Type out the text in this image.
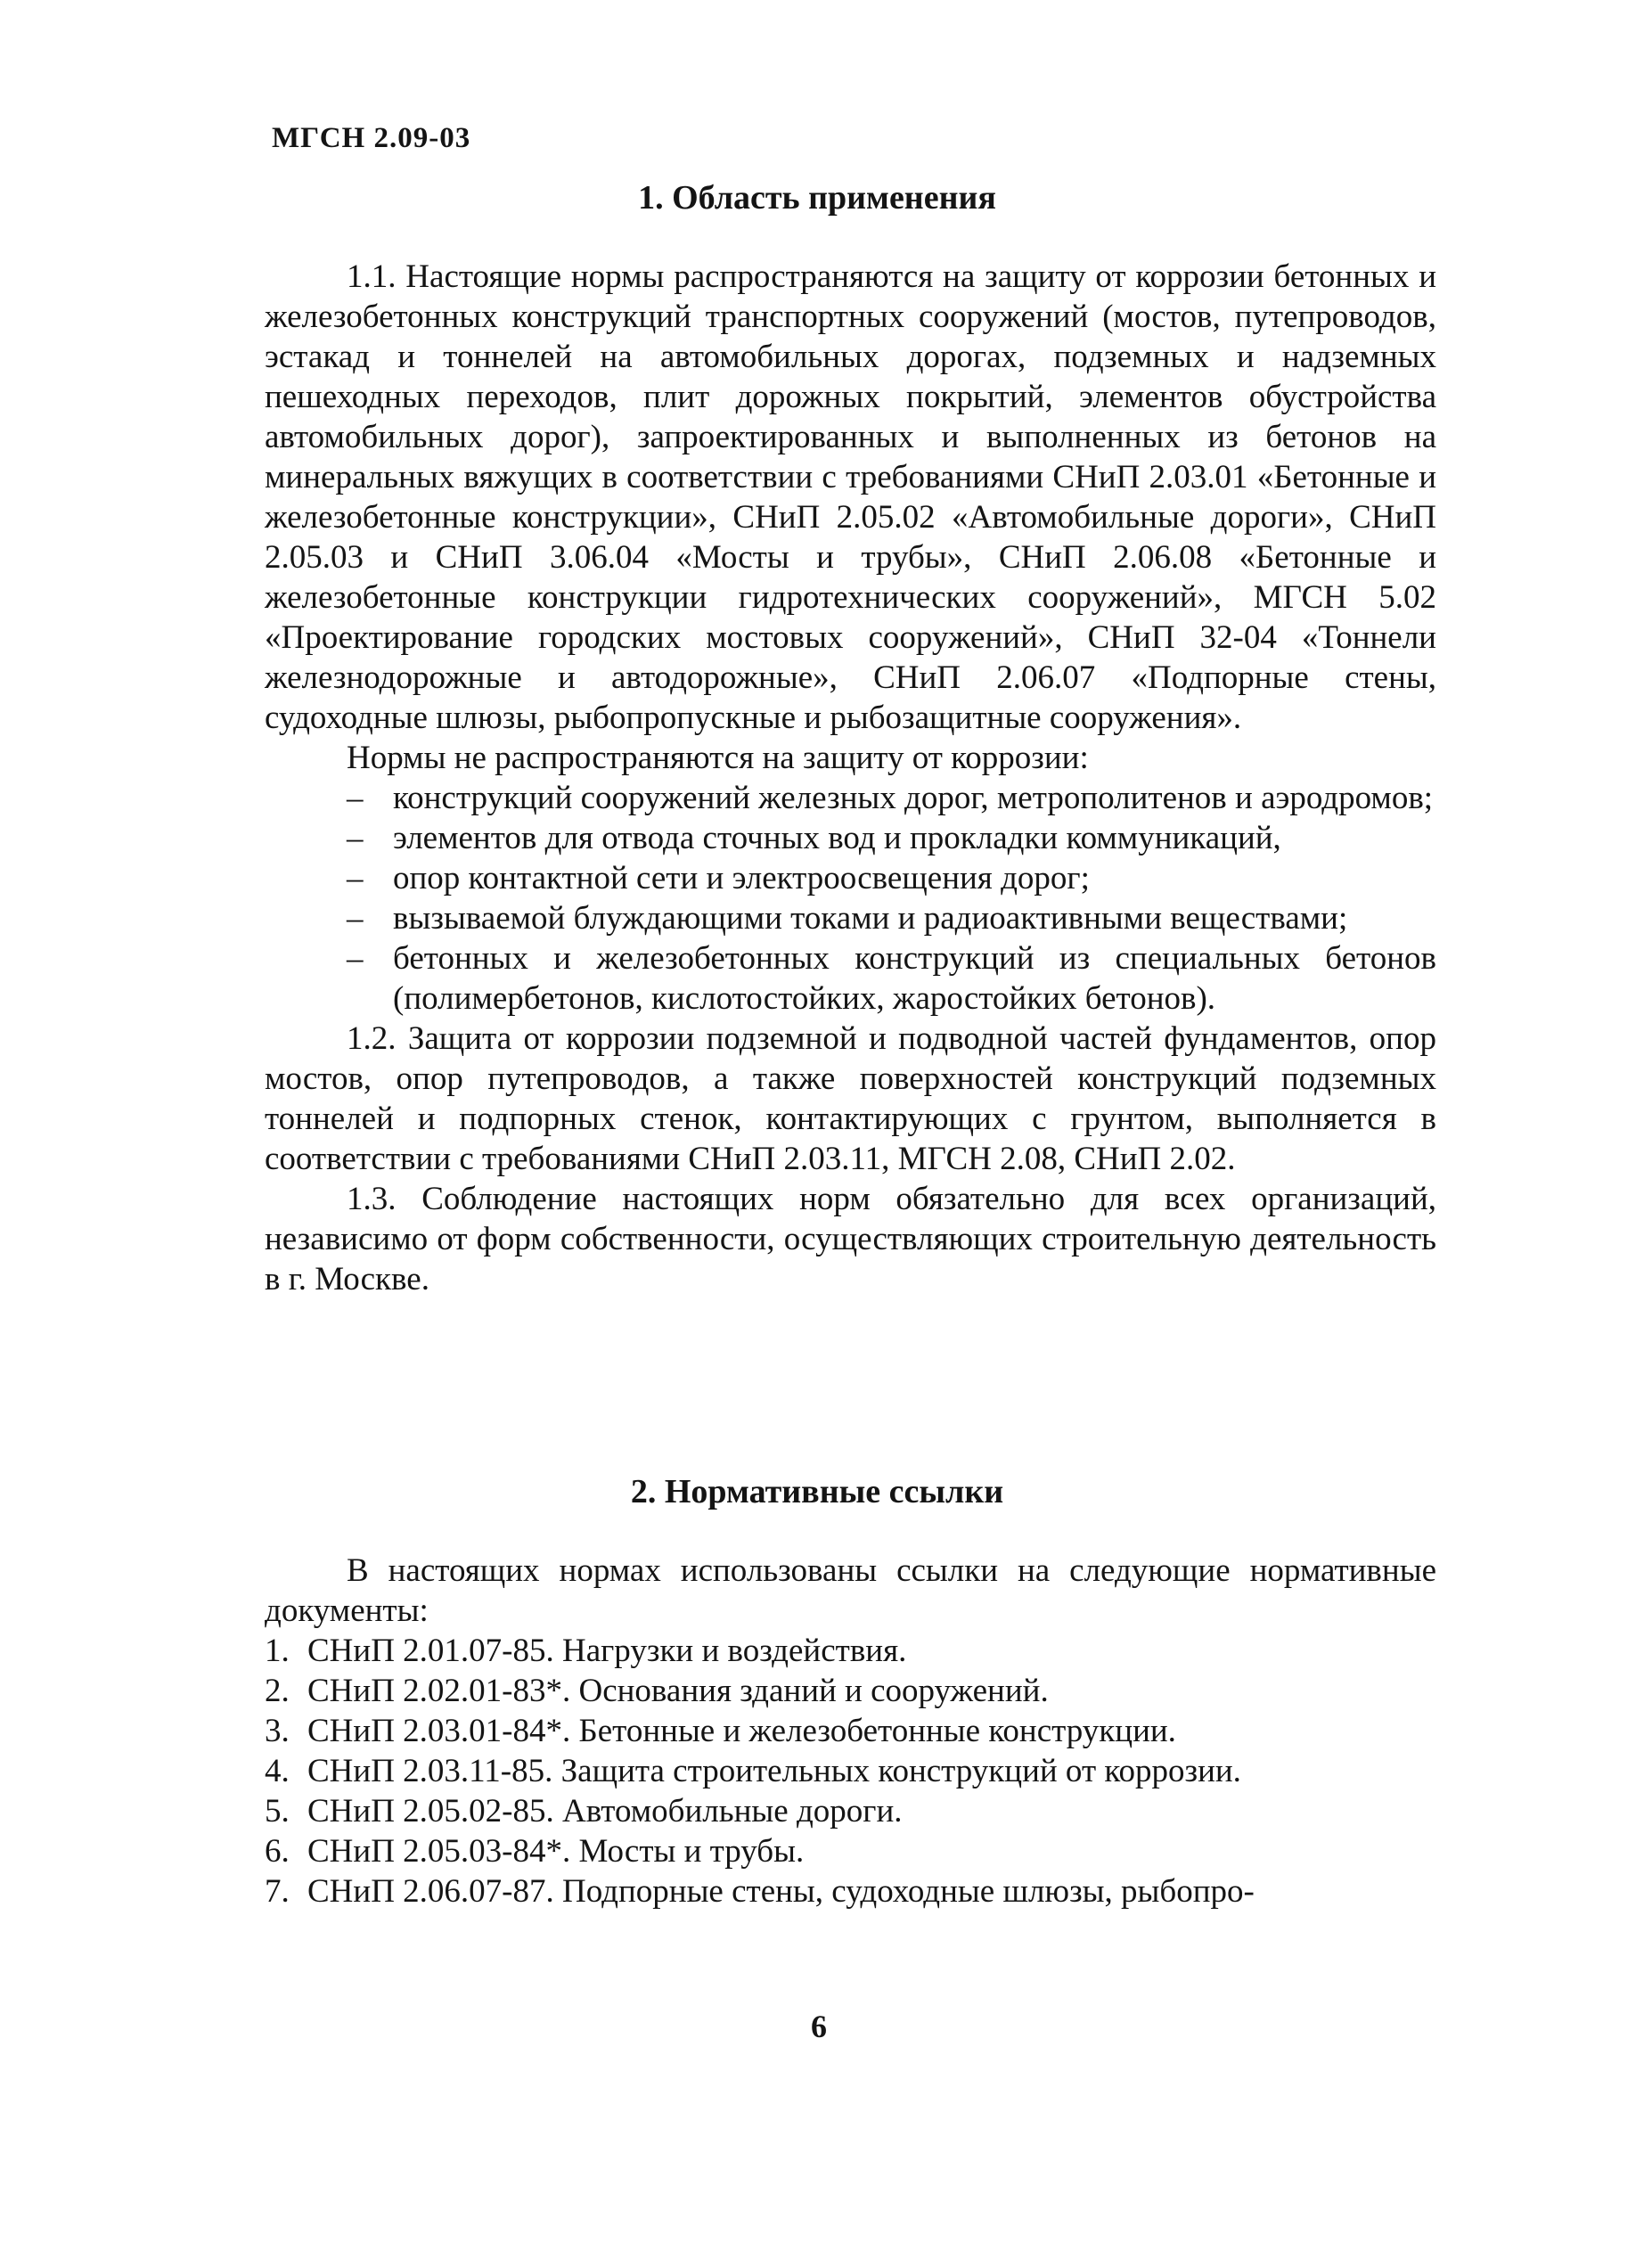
МГСН 2.09-03
1. Область применения

1.1. Настоящие нормы распространяются на защиту от коррозии бетонных и железобетонных конструкций транспортных сооружений (мостов, путепроводов, эстакад и тоннелей на автомобильных дорогах, подземных и надземных пешеходных переходов, плит дорожных покрытий, элементов обустройства автомобильных дорог), запроектированных и выполненных из бетонов на минеральных вяжущих в соответствии с требованиями СНиП 2.03.01 «Бетонные и железобетонные конструкции», СНиП 2.05.02 «Автомобильные дороги», СНиП 2.05.03 и СНиП 3.06.04 «Мосты и трубы», СНиП 2.06.08 «Бетонные и железобетонные конструкции гидротехнических сооружений», МГСН 5.02 «Проектирование городских мостовых сооружений», СНиП 32-04 «Тоннели железнодорожные и автодорожные», СНиП 2.06.07 «Подпорные стены, судоходные шлюзы, рыбопропускные и рыбозащитные сооружения».

Нормы не распространяются на защиту от коррозии:

– конструкций сооружений железных дорог, метрополитенов и аэродромов;
– элементов для отвода сточных вод и прокладки коммуникаций,
– опор контактной сети и электроосвещения дорог;
– вызываемой блуждающими токами и радиоактивными веществами;
– бетонных и железобетонных конструкций из специальных бетонов (полимербетонов, кислотостойких, жаростойких бетонов).

1.2. Защита от коррозии подземной и подводной частей фундаментов, опор мостов, опор путепроводов, а также поверхностей конструкций подземных тоннелей и подпорных стенок, контактирующих с грунтом, выполняется в соответствии с требованиями СНиП 2.03.11, МГСН 2.08, СНиП 2.02.

1.3. Соблюдение настоящих норм обязательно для всех организаций, независимо от форм собственности, осуществляющих строительную деятельность в г. Москве.

2. Нормативные ссылки

В настоящих нормах использованы ссылки на следующие нормативные документы:

1. СНиП 2.01.07-85. Нагрузки и воздействия.
2. СНиП 2.02.01-83*. Основания зданий и сооружений.
3. СНиП 2.03.01-84*. Бетонные и железобетонные конструкции.
4. СНиП 2.03.11-85. Защита строительных конструкций от коррозии.
5. СНиП 2.05.02-85. Автомобильные дороги.
6. СНиП 2.05.03-84*. Мосты и трубы.
7. СНиП 2.06.07-87. Подпорные стены, судоходные шлюзы, рыбопро-
6
